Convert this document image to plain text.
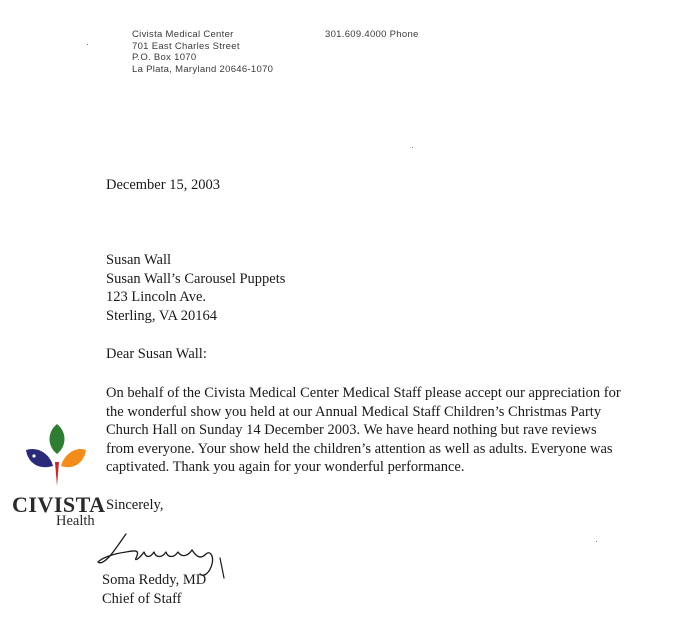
Civista Medical Center
701 East Charles Street
P.O. Box 1070
La Plata, Maryland 20646-1070
301.609.4000 Phone
December 15, 2003
Susan Wall
Susan Wall’s Carousel Puppets
123 Lincoln Ave.
Sterling, VA 20164
Dear Susan Wall:
On behalf of the Civista Medical Center Medical Staff please accept our appreciation for
the wonderful show you held at our Annual Medical Staff Children’s Christmas Party
Church Hall on Sunday 14 December 2003. We have heard nothing but rave reviews
from everyone. Your show held the children’s attention as well as adults. Everyone was
captivated. Thank you again for your wonderful performance.
CIVISTA
Health
Sincerely,
Soma Reddy, MD
Chief of Staff
